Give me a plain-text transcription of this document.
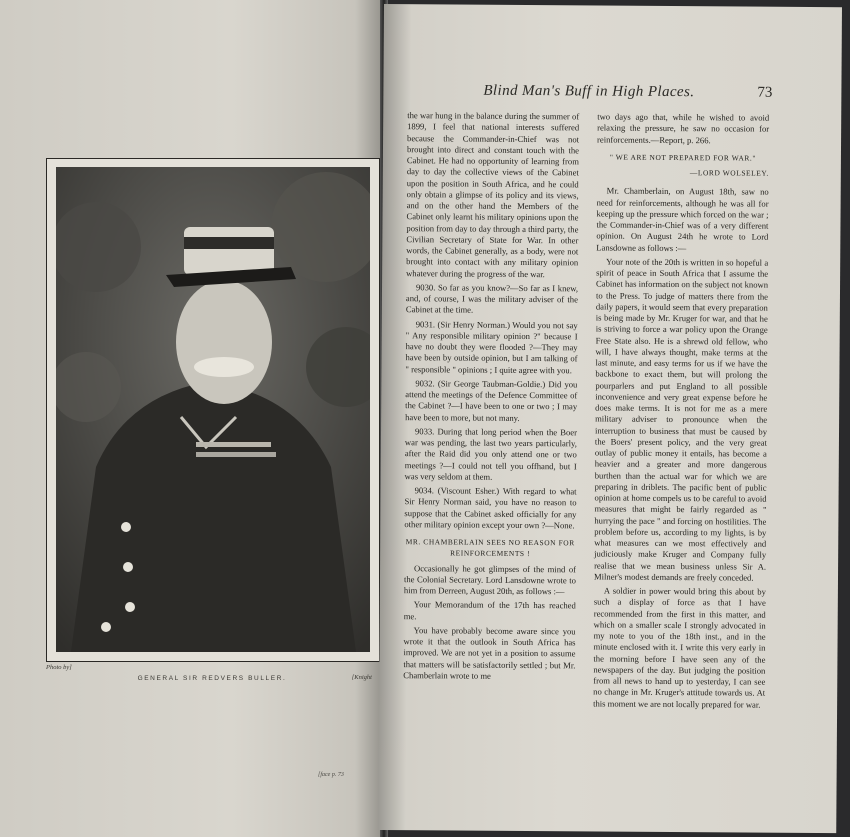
Photo by]
GENERAL SIR REDVERS BULLER.	[Knight
[face p. 73
Blind Man's Buff in High Places.	73

the war hung in the balance during the summer of 1899, I feel that national interests suffered because the Commander-in-Chief was not brought into direct and constant touch with the Cabinet. He had no opportunity of learning from day to day the collective views of the Cabinet upon the position in South Africa, and he could only obtain a glimpse of its policy and its views, and on the other hand the Members of the Cabinet only learnt his military opinions upon the position from day to day through a third party, the Civilian Secretary of State for War. In other words, the Cabinet generally, as a body, were not brought into contact with any military opinion whatever during the progress of the war.

9030. So far as you know?—So far as I knew, and, of course, I was the military adviser of the Cabinet at the time.

9031. (Sir Henry Norman.) Would you not say " Any responsible military opinion ?" because I have no doubt they were flooded ?—They may have been by outside opinion, but I am talking of " responsible " opinions ; I quite agree with you.

9032. (Sir George Taubman-Goldie.) Did you attend the meetings of the Defence Committee of the Cabinet ?—I have been to one or two ; I may have been to more, but not many.

9033. During that long period when the Boer war was pending, the last two years particularly, after the Raid did you only attend one or two meetings ?—I could not tell you offhand, but I was very seldom at them.

9034. (Viscount Esher.) With regard to what Sir Henry Norman said, you have no reason to suppose that the Cabinet asked officially for any other military opinion except your own ?—None.

MR. CHAMBERLAIN SEES NO REASON FOR REINFORCEMENTS !

Occasionally he got glimpses of the mind of the Colonial Secretary. Lord Lansdowne wrote to him from Derreen, August 20th, as follows :—

Your Memorandum of the 17th has reached me.

You have probably become aware since you wrote it that the outlook in South Africa has improved. We are not yet in a position to assume that matters will be satisfactorily settled ; but Mr. Chamberlain wrote to me

two days ago that, while he wished to avoid relaxing the pressure, he saw no occasion for reinforcements.—Report, p. 266.

" WE ARE NOT PREPARED FOR WAR."
—LORD WOLSELEY.

Mr. Chamberlain, on August 18th, saw no need for reinforcements, although he was all for keeping up the pressure which forced on the war ; the Commander-in-Chief was of a very different opinion. On August 24th he wrote to Lord Lansdowne as follows :—

Your note of the 20th is written in so hopeful a spirit of peace in South Africa that I assume the Cabinet has information on the subject not known to the Press. To judge of matters there from the daily papers, it would seem that every preparation is being made by Mr. Kruger for war, and that he is striving to force a war policy upon the Orange Free State also. He is a shrewd old fellow, who will, I have always thought, make terms at the last minute, and easy terms for us if we have the backbone to exact them, but will prolong the pourparlers and put England to all possible inconvenience and very great expense before he does make terms. It is not for me as a mere military adviser to pronounce when the interruption to business that must be caused by the Boers' present policy, and the very great outlay of public money it entails, has become a heavier and a greater and more dangerous burthen than the actual war for which we are preparing in driblets. The pacific bent of public opinion at home compels us to be careful to avoid measures that might be fairly regarded as " hurrying the pace " and forcing on hostilities. The problem before us, according to my lights, is by what measures can we most effectively and judiciously make Kruger and Company fully realise that we mean business unless Sir A. Milner's modest demands are freely conceded.

A soldier in power would bring this about by such a display of force as that I have recommended from the first in this matter, and which on a smaller scale I strongly advocated in my note to you of the 18th inst., and in the minute enclosed with it. I write this very early in the morning before I have seen any of the newspapers of the day. But judging the position from all news to hand up to yesterday, I can see no change in Mr. Kruger's attitude towards us. At this moment we are not locally prepared for war.
